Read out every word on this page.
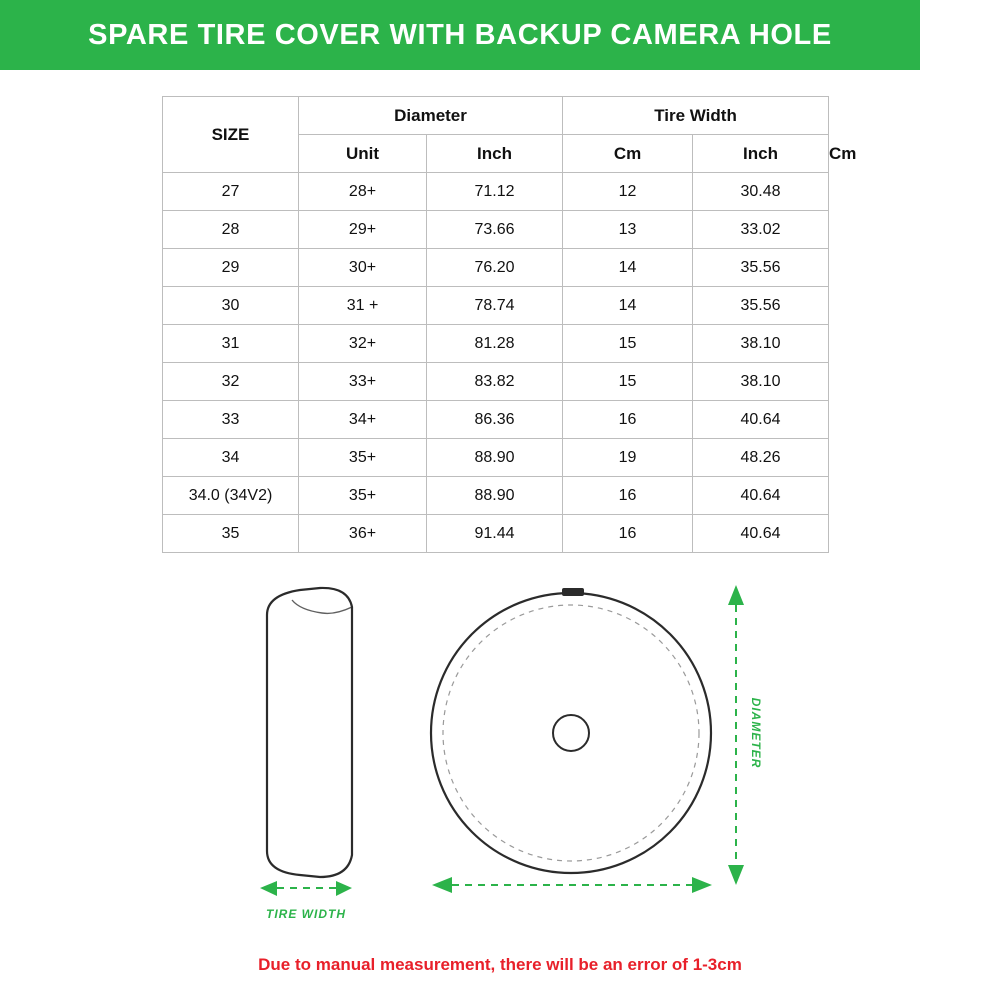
SPARE TIRE COVER WITH BACKUP CAMERA HOLE
SIZE	Diameter		Tire Width		
	Unit	Inch	Cm	Inch	Cm
27	28+	71.12	12	30.48	
28	29+	73.66	13	33.02	
29	30+	76.20	14	35.56	
30	31 +	78.74	14	35.56	
31	32+	81.28	15	38.10	
32	33+	83.82	15	38.10	
33	34+	86.36	16	40.64	
34	35+	88.90	19	48.26	
34.0 (34V2)	35+	88.90	16	40.64	
35	36+	91.44	16	40.64	
DIAMETER
TIRE WIDTH
Due to manual measurement, there will be an error of 1-3cm
